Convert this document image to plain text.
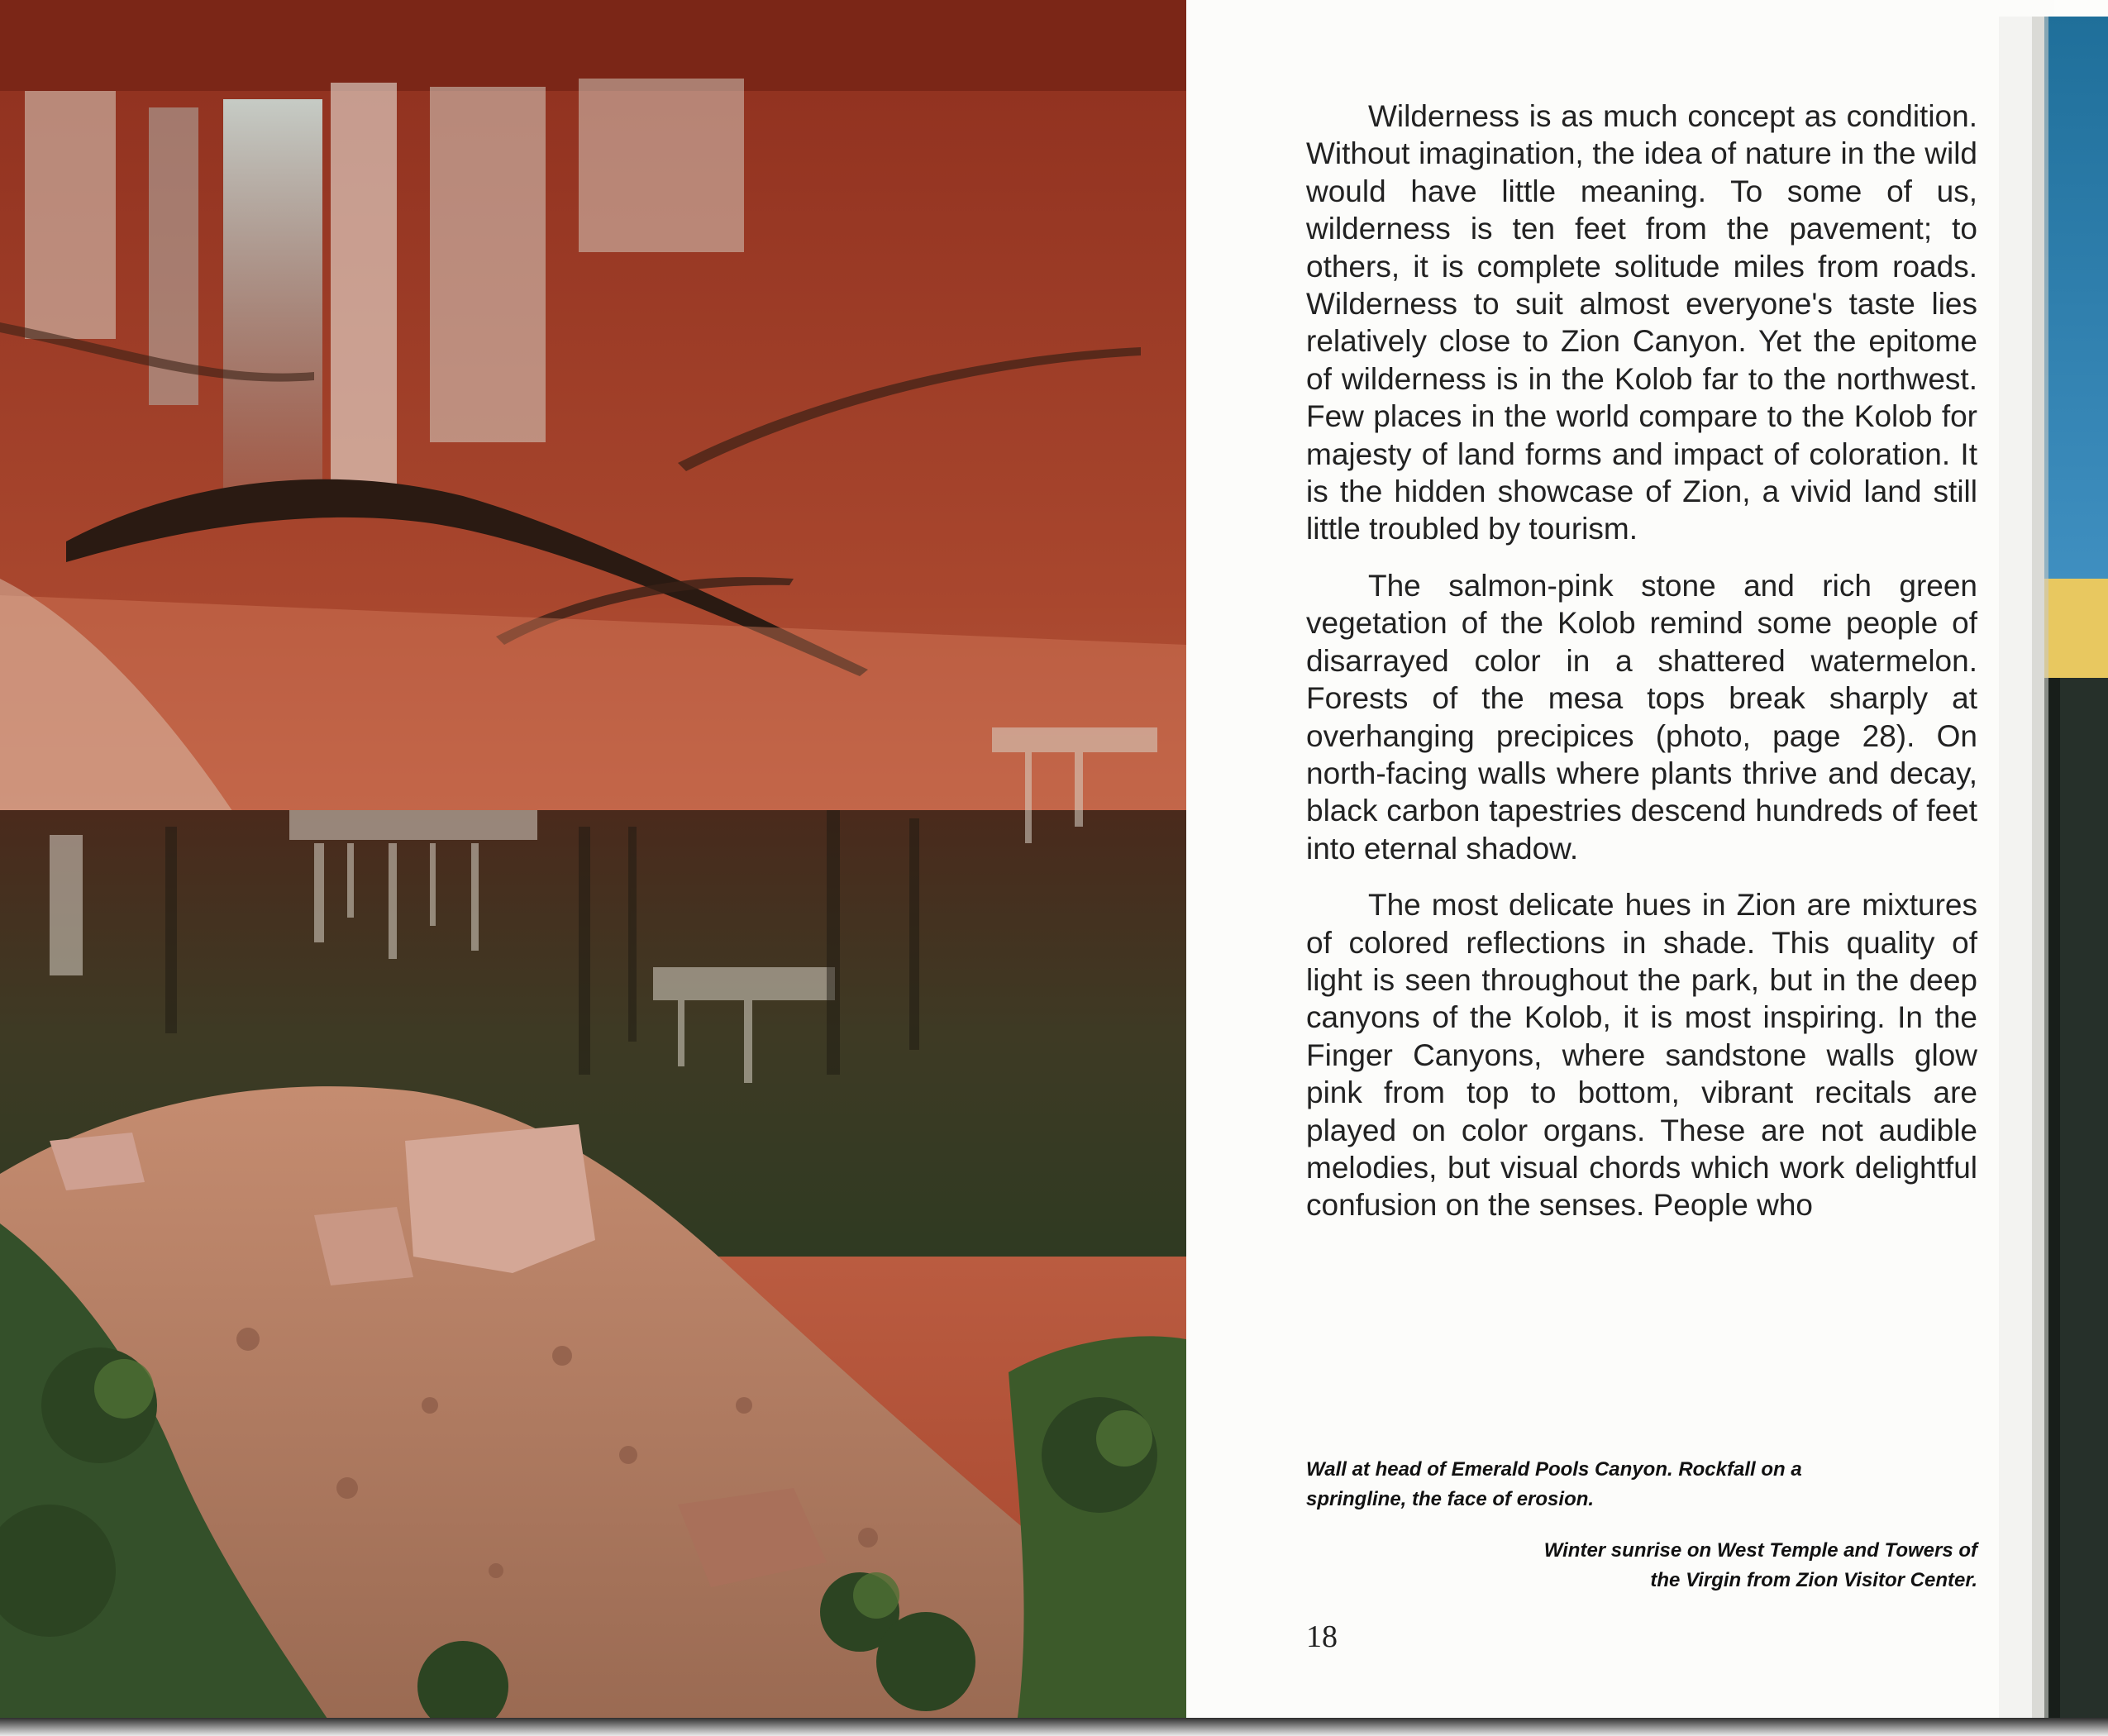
Wilderness is as much concept as condition. Without imagination, the idea of nature in the wild would have little meaning. To some of us, wilderness is ten feet from the pavement; to others, it is complete solitude miles from roads. Wilderness to suit almost everyone's taste lies relatively close to Zion Canyon. Yet the epitome of wilderness is in the Kolob far to the northwest. Few places in the world compare to the Kolob for majesty of land forms and impact of coloration. It is the hidden showcase of Zion, a vivid land still little troubled by tourism.

The salmon-pink stone and rich green vegetation of the Kolob remind some people of disarrayed color in a shattered watermelon. Forests of the mesa tops break sharply at overhanging precipices (photo, page 28). On north-facing walls where plants thrive and decay, black carbon tapestries descend hundreds of feet into eternal shadow.

The most delicate hues in Zion are mixtures of colored reflections in shade. This quality of light is seen throughout the park, but in the deep canyons of the Kolob, it is most inspiring. In the Finger Canyons, where sandstone walls glow pink from top to bottom, vibrant recitals are played on color organs. These are not audible melodies, but visual chords which work delightful confusion on the senses. People who

Wall at head of Emerald Pools Canyon. Rockfall on a springline, the face of erosion.
Winter sunrise on West Temple and Towers of the Virgin from Zion Visitor Center.
18
